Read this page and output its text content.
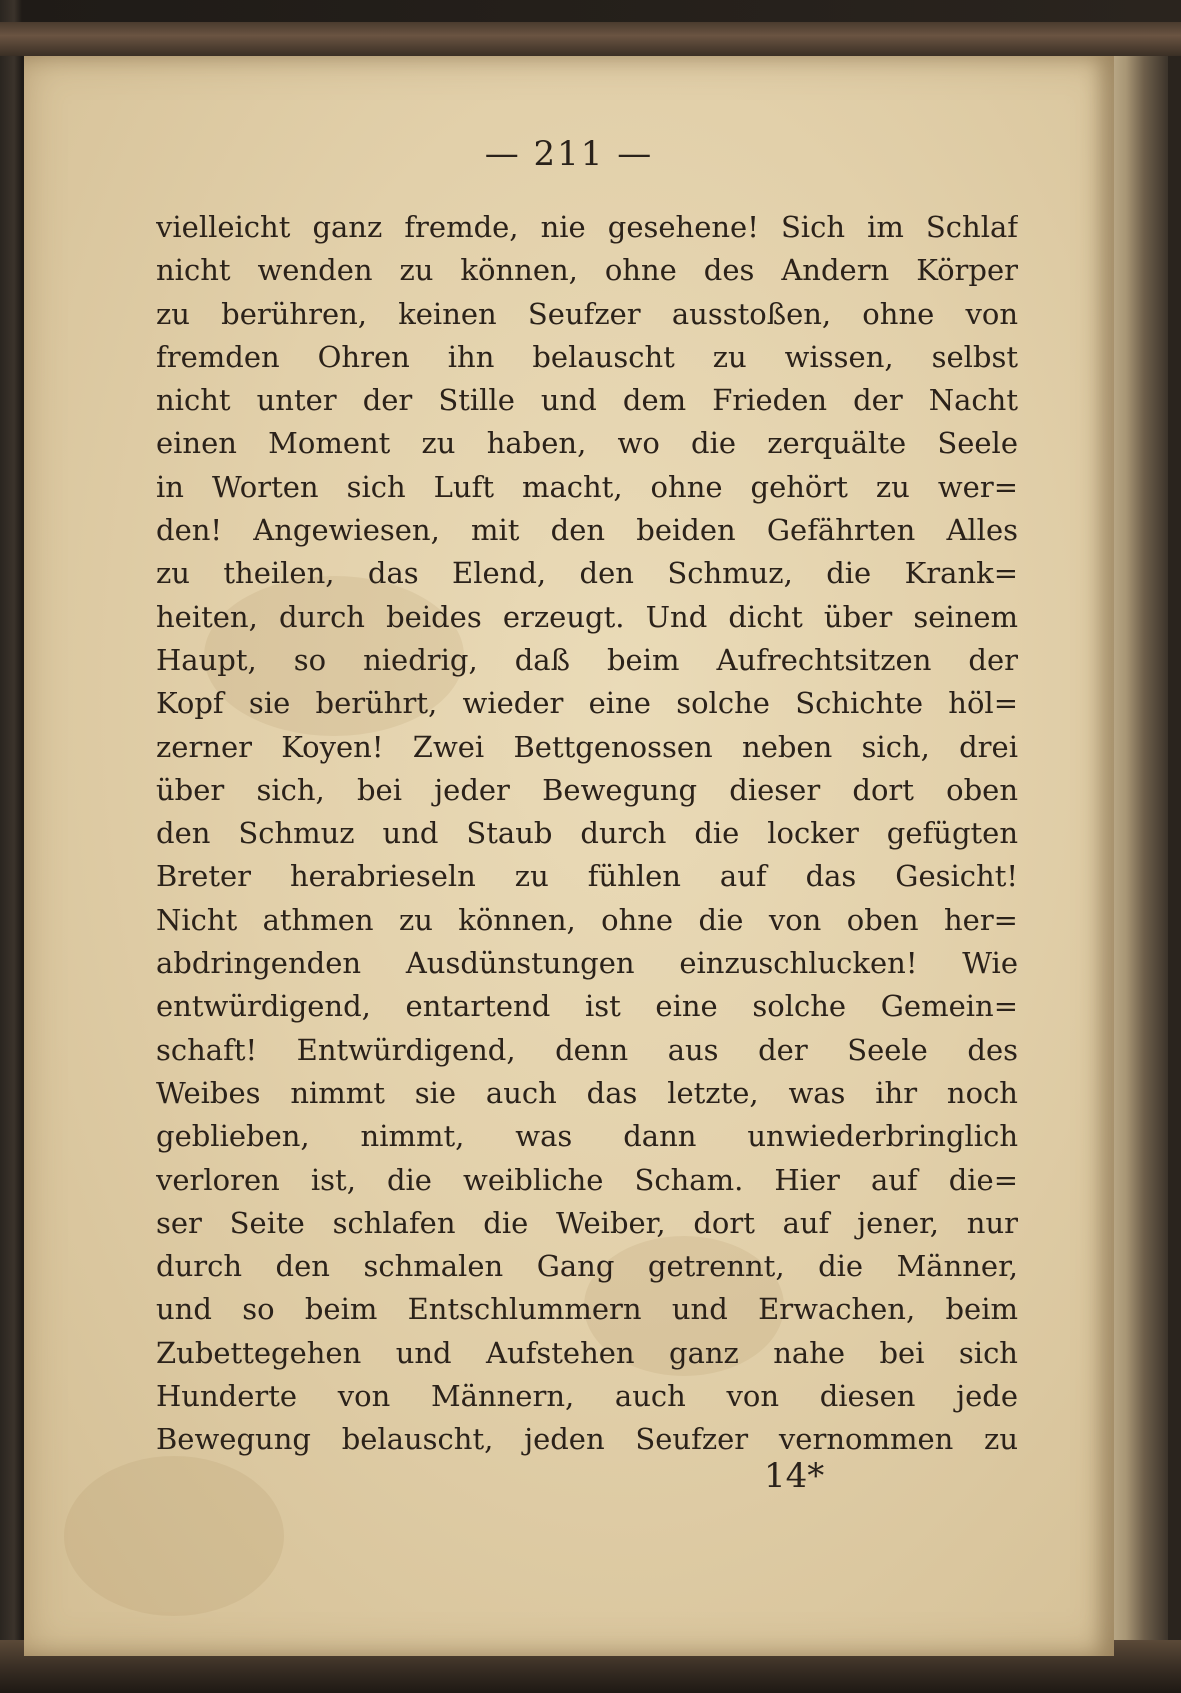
— 211 —
vielleicht ganz fremde, nie gesehene! Sich im Schlaf
nicht wenden zu können, ohne des Andern Körper
zu berühren, keinen Seufzer ausstoßen, ohne von
fremden Ohren ihn belauscht zu wissen, selbst
nicht unter der Stille und dem Frieden der Nacht
einen Moment zu haben, wo die zerquälte Seele
in Worten sich Luft macht, ohne gehört zu wer=
den! Angewiesen, mit den beiden Gefährten Alles
zu theilen, das Elend, den Schmuz, die Krank=
heiten, durch beides erzeugt. Und dicht über seinem
Haupt, so niedrig, daß beim Aufrechtsitzen der
Kopf sie berührt, wieder eine solche Schichte höl=
zerner Koyen! Zwei Bettgenossen neben sich, drei
über sich, bei jeder Bewegung dieser dort oben
den Schmuz und Staub durch die locker gefügten
Breter herabrieseln zu fühlen auf das Gesicht!
Nicht athmen zu können, ohne die von oben her=
abdringenden Ausdünstungen einzuschlucken! Wie
entwürdigend, entartend ist eine solche Gemein=
schaft! Entwürdigend, denn aus der Seele des
Weibes nimmt sie auch das letzte, was ihr noch
geblieben, nimmt, was dann unwiederbringlich
verloren ist, die weibliche Scham. Hier auf die=
ser Seite schlafen die Weiber, dort auf jener, nur
durch den schmalen Gang getrennt, die Männer,
und so beim Entschlummern und Erwachen, beim
Zubettegehen und Aufstehen ganz nahe bei sich
Hunderte von Männern, auch von diesen jede
Bewegung belauscht, jeden Seufzer vernommen zu
14*
